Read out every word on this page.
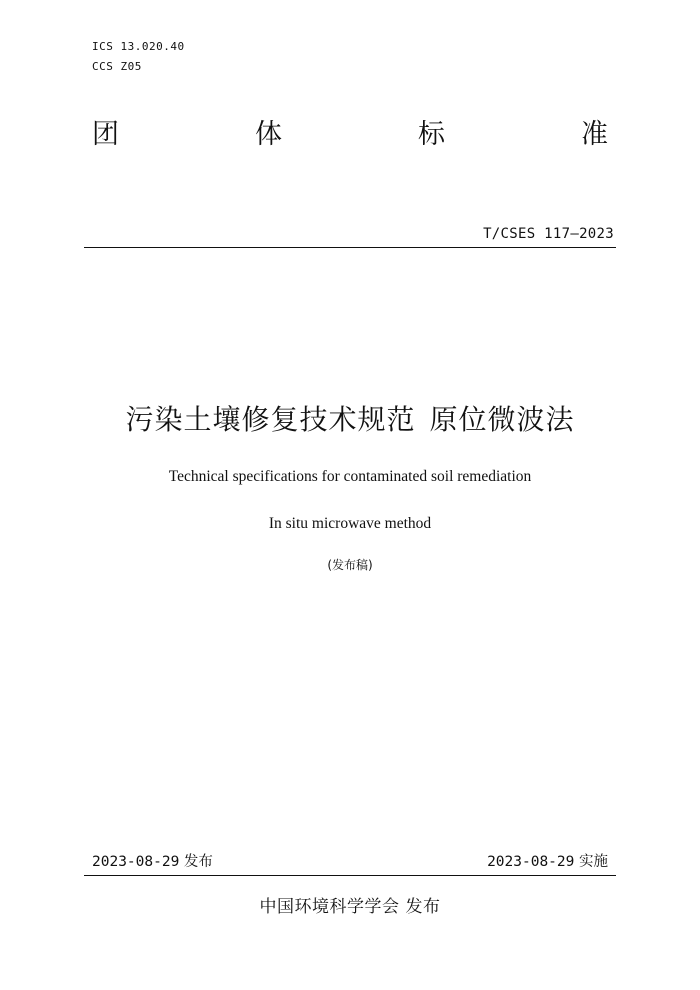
ICS 13.020.40
CCS Z05
团	体	标	准
T/CSES 117—2023
污染土壤修复技术规范 原位微波法
Technical specifications for contaminated soil remediation
In situ microwave method
(发布稿)
2023-08-29 发布	2023-08-29 实施
中国环境科学学会 发布
